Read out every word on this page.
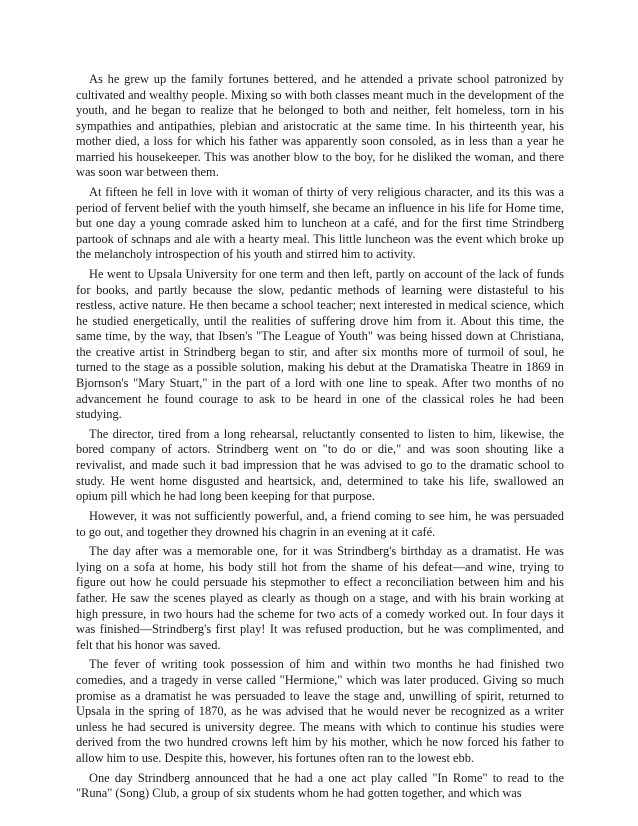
As he grew up the family fortunes bettered, and he attended a private school patronized by cultivated and wealthy people. Mixing so with both classes meant much in the development of the youth, and he began to realize that he belonged to both and neither, felt homeless, torn in his sympathies and antipathies, plebian and aristocratic at the same time. In his thirteenth year, his mother died, a loss for which his father was apparently soon consoled, as in less than a year he married his housekeeper. This was another blow to the boy, for he disliked the woman, and there was soon war between them.

At fifteen he fell in love with it woman of thirty of very religious character, and its this was a period of fervent belief with the youth himself, she became an influence in his life for Home time, but one day a young comrade asked him to luncheon at a café, and for the first time Strindberg partook of schnaps and ale with a hearty meal. This little luncheon was the event which broke up the melancholy introspection of his youth and stirred him to activity.

He went to Upsala University for one term and then left, partly on account of the lack of funds for books, and partly because the slow, pedantic methods of learning were distasteful to his restless, active nature. He then became a school teacher; next interested in medical science, which he studied energetically, until the realities of suffering drove him from it. About this time, the same time, by the way, that Ibsen's "The League of Youth" was being hissed down at Christiana, the creative artist in Strindberg began to stir, and after six months more of turmoil of soul, he turned to the stage as a possible solution, making his debut at the Dramatiska Theatre in 1869 in Bjornson's "Mary Stuart," in the part of a lord with one line to speak. After two months of no advancement he found courage to ask to be heard in one of the classical roles he had been studying.

The director, tired from a long rehearsal, reluctantly consented to listen to him, likewise, the bored company of actors. Strindberg went on "to do or die," and was soon shouting like a revivalist, and made such it bad impression that he was advised to go to the dramatic school to study. He went home disgusted and heartsick, and, determined to take his life, swallowed an opium pill which he had long been keeping for that purpose.

However, it was not sufficiently powerful, and, a friend coming to see him, he was persuaded to go out, and together they drowned his chagrin in an evening at it café.

The day after was a memorable one, for it was Strindberg's birthday as a dramatist. He was lying on a sofa at home, his body still hot from the shame of his defeat—and wine, trying to figure out how he could persuade his stepmother to effect a reconciliation between him and his father. He saw the scenes played as clearly as though on a stage, and with his brain working at high pressure, in two hours had the scheme for two acts of a comedy worked out. In four days it was finished—Strindberg's first play! It was refused production, but he was complimented, and felt that his honor was saved.

The fever of writing took possession of him and within two months he had finished two comedies, and a tragedy in verse called "Hermione," which was later produced. Giving so much promise as a dramatist he was persuaded to leave the stage and, unwilling of spirit, returned to Upsala in the spring of 1870, as he was advised that he would never be recognized as a writer unless he had secured is university degree. The means with which to continue his studies were derived from the two hundred crowns left him by his mother, which he now forced his father to allow him to use. Despite this, however, his fortunes often ran to the lowest ebb.

One day Strindberg announced that he had a one act play called "In Rome" to read to the "Runa" (Song) Club, a group of six students whom he had gotten together, and which was
